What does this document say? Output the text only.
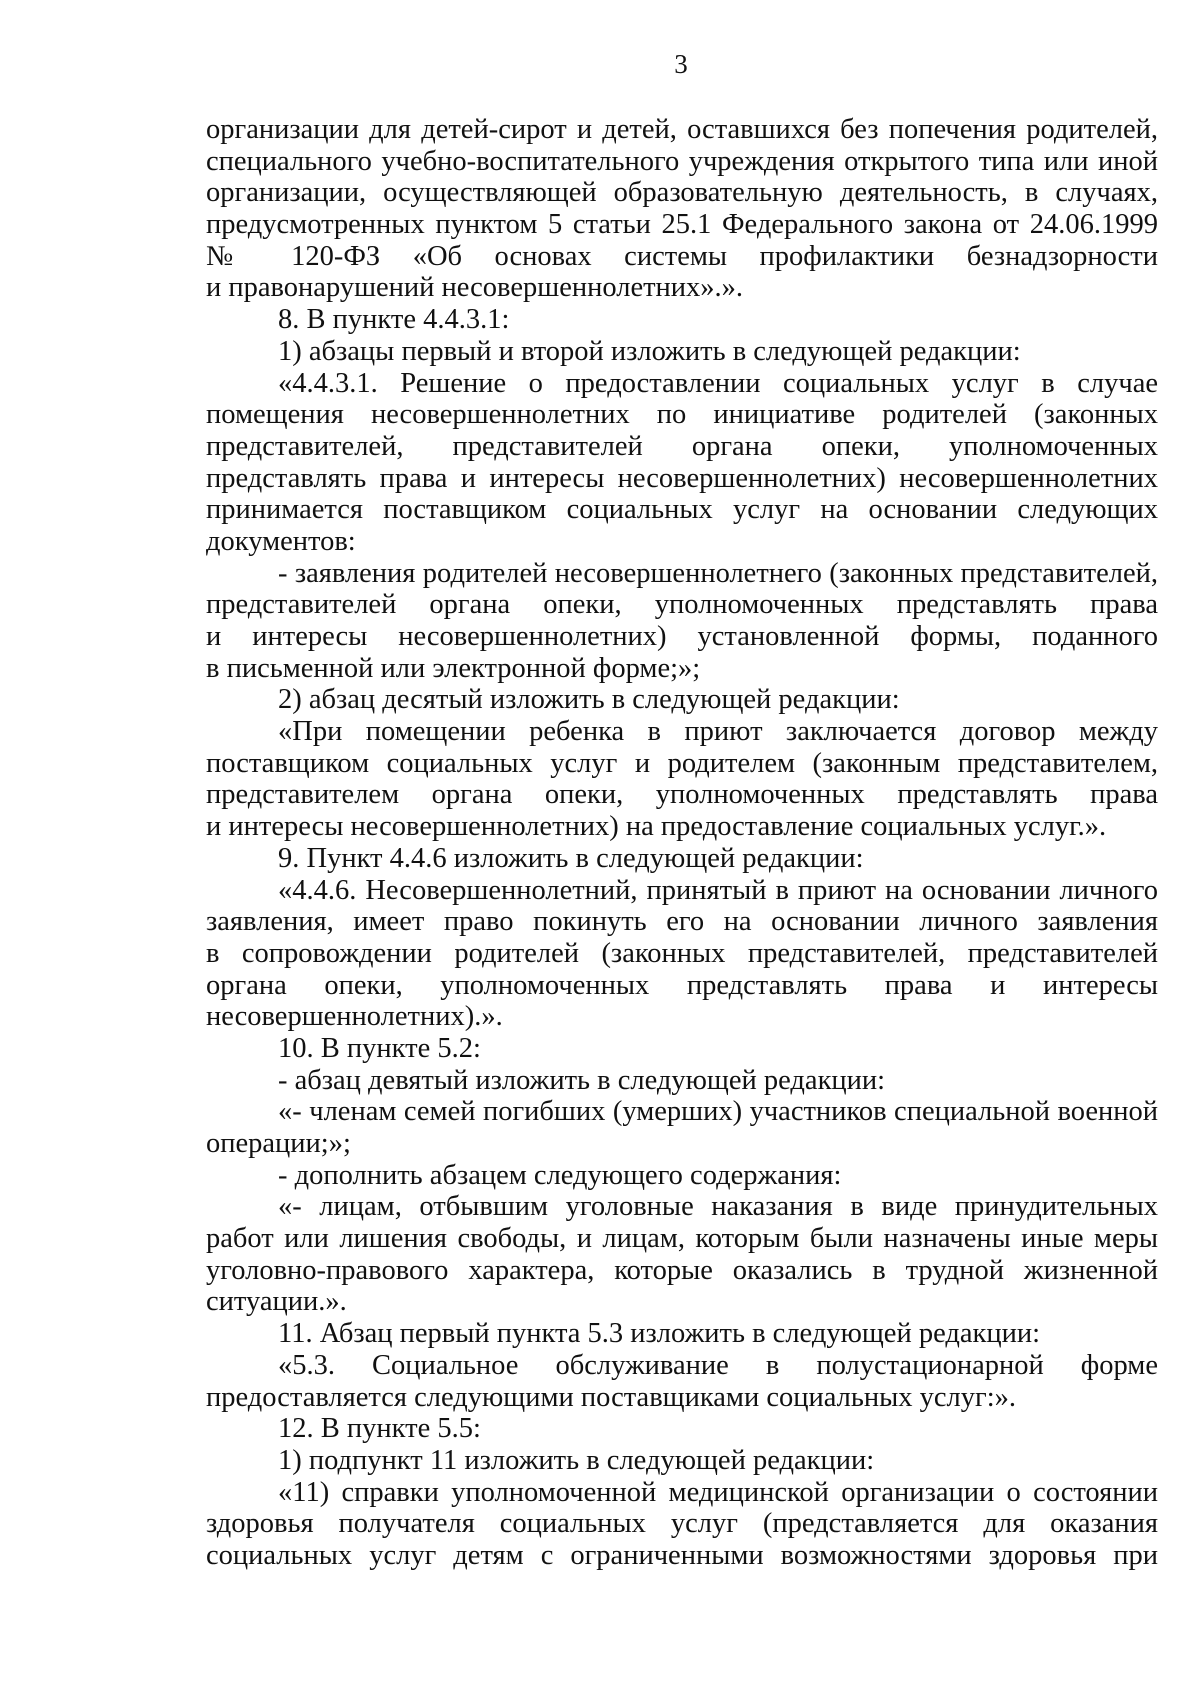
3
организации для детей-сирот и детей, оставшихся без попечения родителей,
специального учебно-воспитательного учреждения открытого типа или иной
организации, осуществляющей образовательную деятельность, в случаях,
предусмотренных пунктом 5 статьи 25.1 Федерального закона от 24.06.1999
№ 120-ФЗ «Об основах системы профилактики безнадзорности
и правонарушений несовершеннолетних».».
8. В пункте 4.4.3.1:
1) абзацы первый и второй изложить в следующей редакции:
«4.4.3.1. Решение о предоставлении социальных услуг в случае
помещения несовершеннолетних по инициативе родителей (законных
представителей, представителей органа опеки, уполномоченных
представлять права и интересы несовершеннолетних) несовершеннолетних
принимается поставщиком социальных услуг на основании следующих
документов:
- заявления родителей несовершеннолетнего (законных представителей,
представителей органа опеки, уполномоченных представлять права
и интересы несовершеннолетних) установленной формы, поданного
в письменной или электронной форме;»;
2) абзац десятый изложить в следующей редакции:
«При помещении ребенка в приют заключается договор между
поставщиком социальных услуг и родителем (законным представителем,
представителем органа опеки, уполномоченных представлять права
и интересы несовершеннолетних) на предоставление социальных услуг.».
9. Пункт 4.4.6 изложить в следующей редакции:
«4.4.6. Несовершеннолетний, принятый в приют на основании личного
заявления, имеет право покинуть его на основании личного заявления
в сопровождении родителей (законных представителей, представителей
органа опеки, уполномоченных представлять права и интересы
несовершеннолетних).».
10. В пункте 5.2:
- абзац девятый изложить в следующей редакции:
«- членам семей погибших (умерших) участников специальной военной
операции;»;
- дополнить абзацем следующего содержания:
«- лицам, отбывшим уголовные наказания в виде принудительных
работ или лишения свободы, и лицам, которым были назначены иные меры
уголовно-правового характера, которые оказались в трудной жизненной
ситуации.».
11. Абзац первый пункта 5.3 изложить в следующей редакции:
«5.3. Социальное обслуживание в полустационарной форме
предоставляется следующими поставщиками социальных услуг:».
12. В пункте 5.5:
1) подпункт 11 изложить в следующей редакции:
«11) справки уполномоченной медицинской организации о состоянии
здоровья получателя социальных услуг (представляется для оказания
социальных услуг детям с ограниченными возможностями здоровья при
